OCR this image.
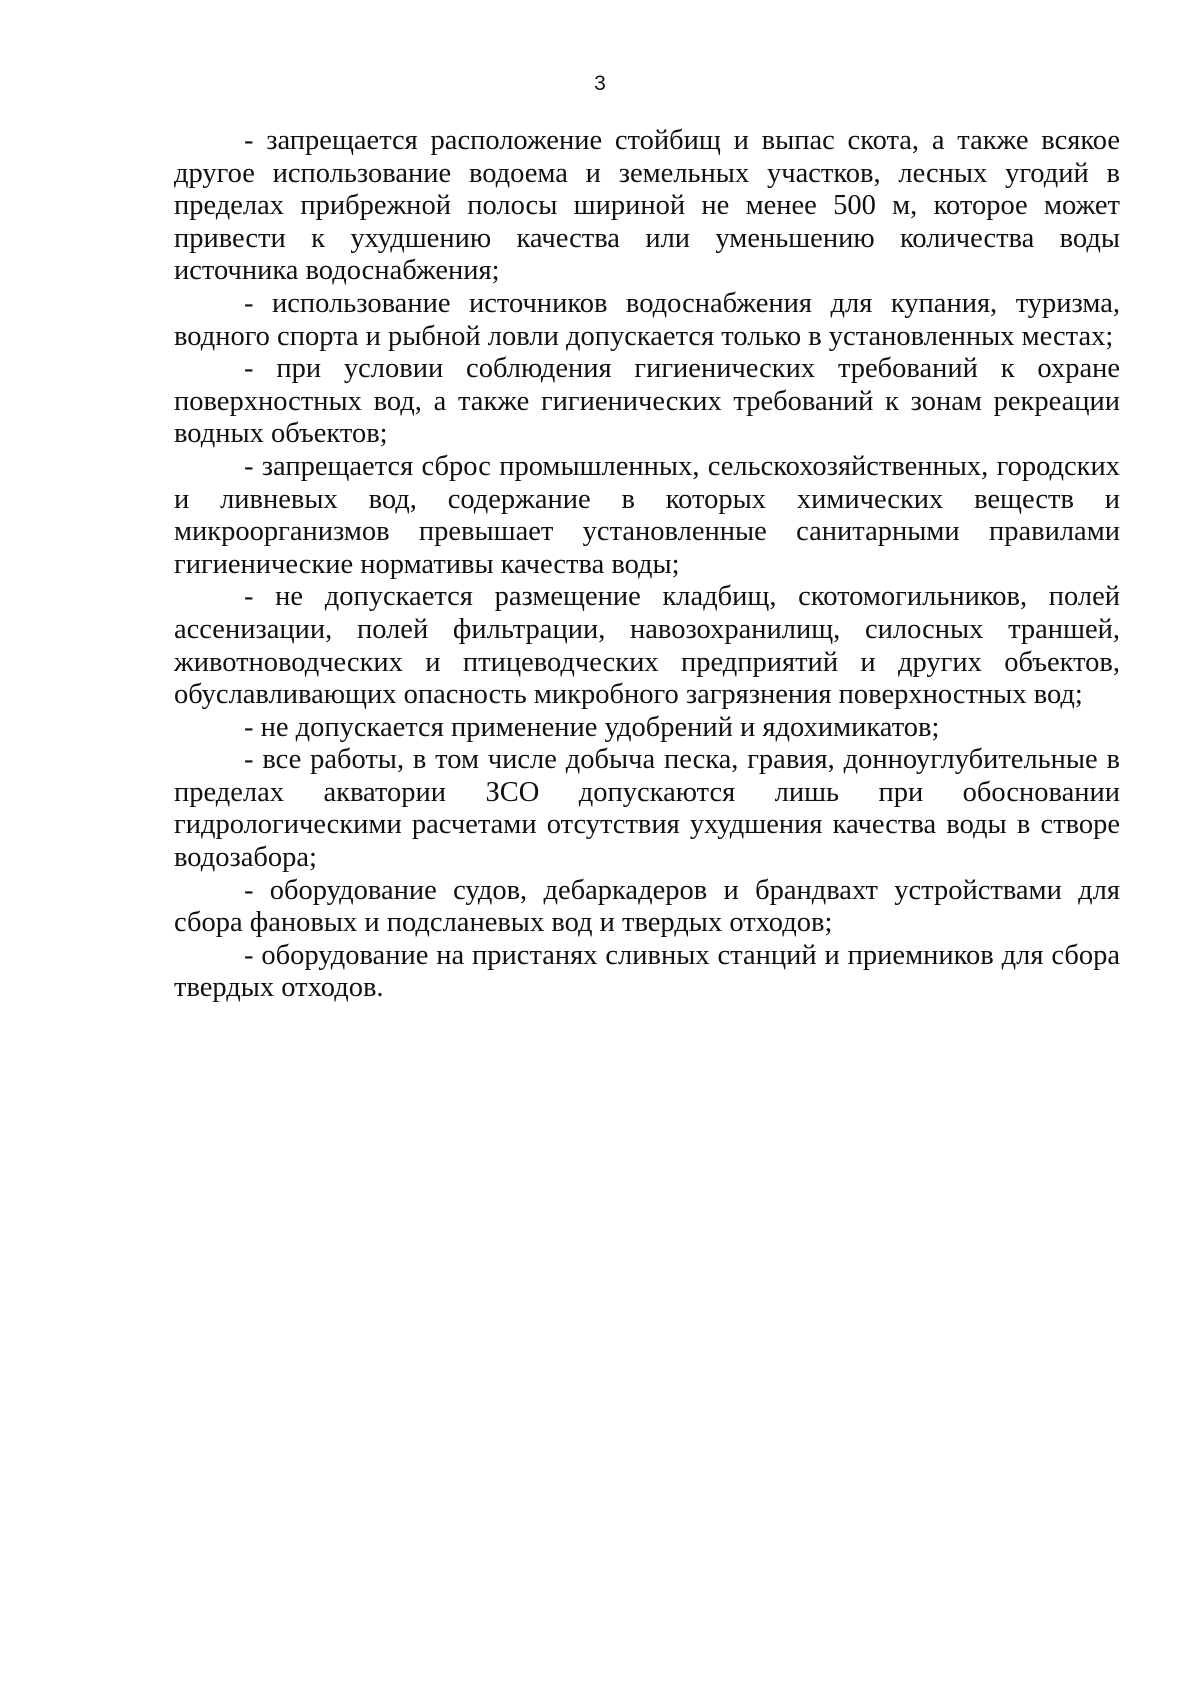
3

- запрещается расположение стойбищ и выпас скота, а также всякое другое использование водоема и земельных участков, лесных угодий в пределах прибрежной полосы шириной не менее 500 м, которое может привести к ухудшению качества или уменьшению количества воды источника водоснабжения;

- использование источников водоснабжения для купания, туризма, водного спорта и рыбной ловли допускается только в установленных местах;

- при условии соблюдения гигиенических требований к охране поверхностных вод, а также гигиенических требований к зонам рекреации водных объектов;

- запрещается сброс промышленных, сельскохозяйственных, городских и ливневых вод, содержание в которых химических веществ и микроорганизмов превышает установленные санитарными правилами гигиенические нормативы качества воды;

- не допускается размещение кладбищ, скотомогильников, полей ассенизации, полей фильтрации, навозохранилищ, силосных траншей, животноводческих и птицеводческих предприятий и других объектов, обуславливающих опасность микробного загрязнения поверхностных вод;

- не допускается применение удобрений и ядохимикатов;

- все работы, в том числе добыча песка, гравия, донноуглубительные в пределах акватории ЗСО допускаются лишь при обосновании гидрологическими расчетами отсутствия ухудшения качества воды в створе водозабора;

- оборудование судов, дебаркадеров и брандвахт устройствами для сбора фановых и подсланевых вод и твердых отходов;

- оборудование на пристанях сливных станций и приемников для сбора твердых отходов.
